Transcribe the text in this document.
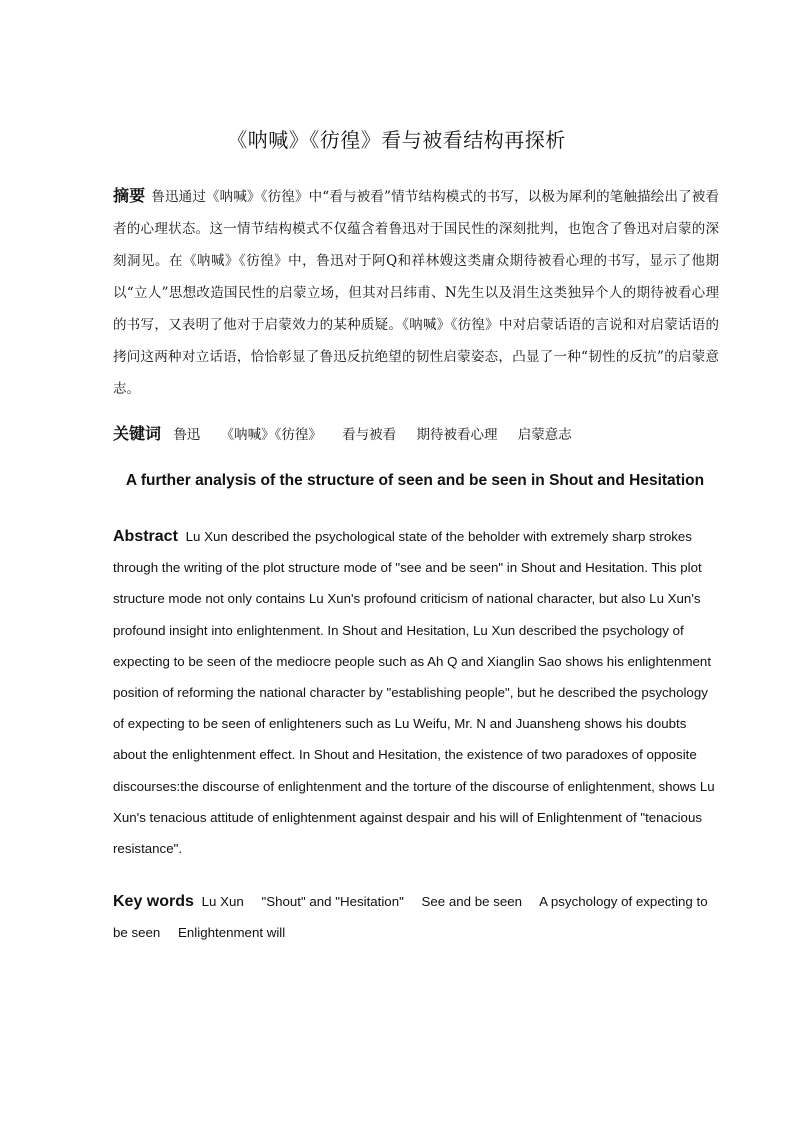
《呐喊》《彷徨》看与被看结构再探析
摘要 鲁迅通过《呐喊》《彷徨》中“看与被看”情节结构模式的书写，以极为犀利的笔触描绘出了被看者的心理状态。这一情节结构模式不仅蕴含着鲁迅对于国民性的深刻批判，也饱含了鲁迅对启蒙的深刻洞见。在《呐喊》《彷徨》中，鲁迅对于阿Q和祥林嫂这类庸众期待被看心理的书写，显示了他期以“立人”思想改造国民性的启蒙立场，但其对吕纬甫、N先生以及涓生这类独异个人的期待被看心理的书写，又表明了他对于启蒙效力的某种质疑。《呐喊》《彷徨》中对启蒙话语的言说和对启蒙话语的拷问这两种对立话语，恰恰彰显了鲁迅反抗绝望的韧性启蒙姿态，凸显了一种“韧性的反抗”的启蒙意志。
关键词 鲁迅 《呐喊》《彷徨》 看与被看 期待被看心理 启蒙意志
A further analysis of the structure of seen and be seen in Shout and Hesitation
Abstract Lu Xun described the psychological state of the beholder with extremely sharp strokes through the writing of the plot structure mode of "see and be seen" in Shout and Hesitation. This plot structure mode not only contains Lu Xun's profound criticism of national character, but also Lu Xun's profound insight into enlightenment. In Shout and Hesitation, Lu Xun described the psychology of expecting to be seen of the mediocre people such as Ah Q and Xianglin Sao shows his enlightenment position of reforming the national character by "establishing people", but he described the psychology of expecting to be seen of enlighteners such as Lu Weifu, Mr. N and Juansheng shows his doubts about the enlightenment effect. In Shout and Hesitation, the existence of two paradoxes of opposite discourses:the discourse of enlightenment and the torture of the discourse of enlightenment, shows Lu Xun's tenacious attitude of enlightenment against despair and his will of Enlightenment of "tenacious resistance".
Key words Lu Xun "Shout" and "Hesitation" See and be seen A psychology of expecting to be seen Enlightenment will
